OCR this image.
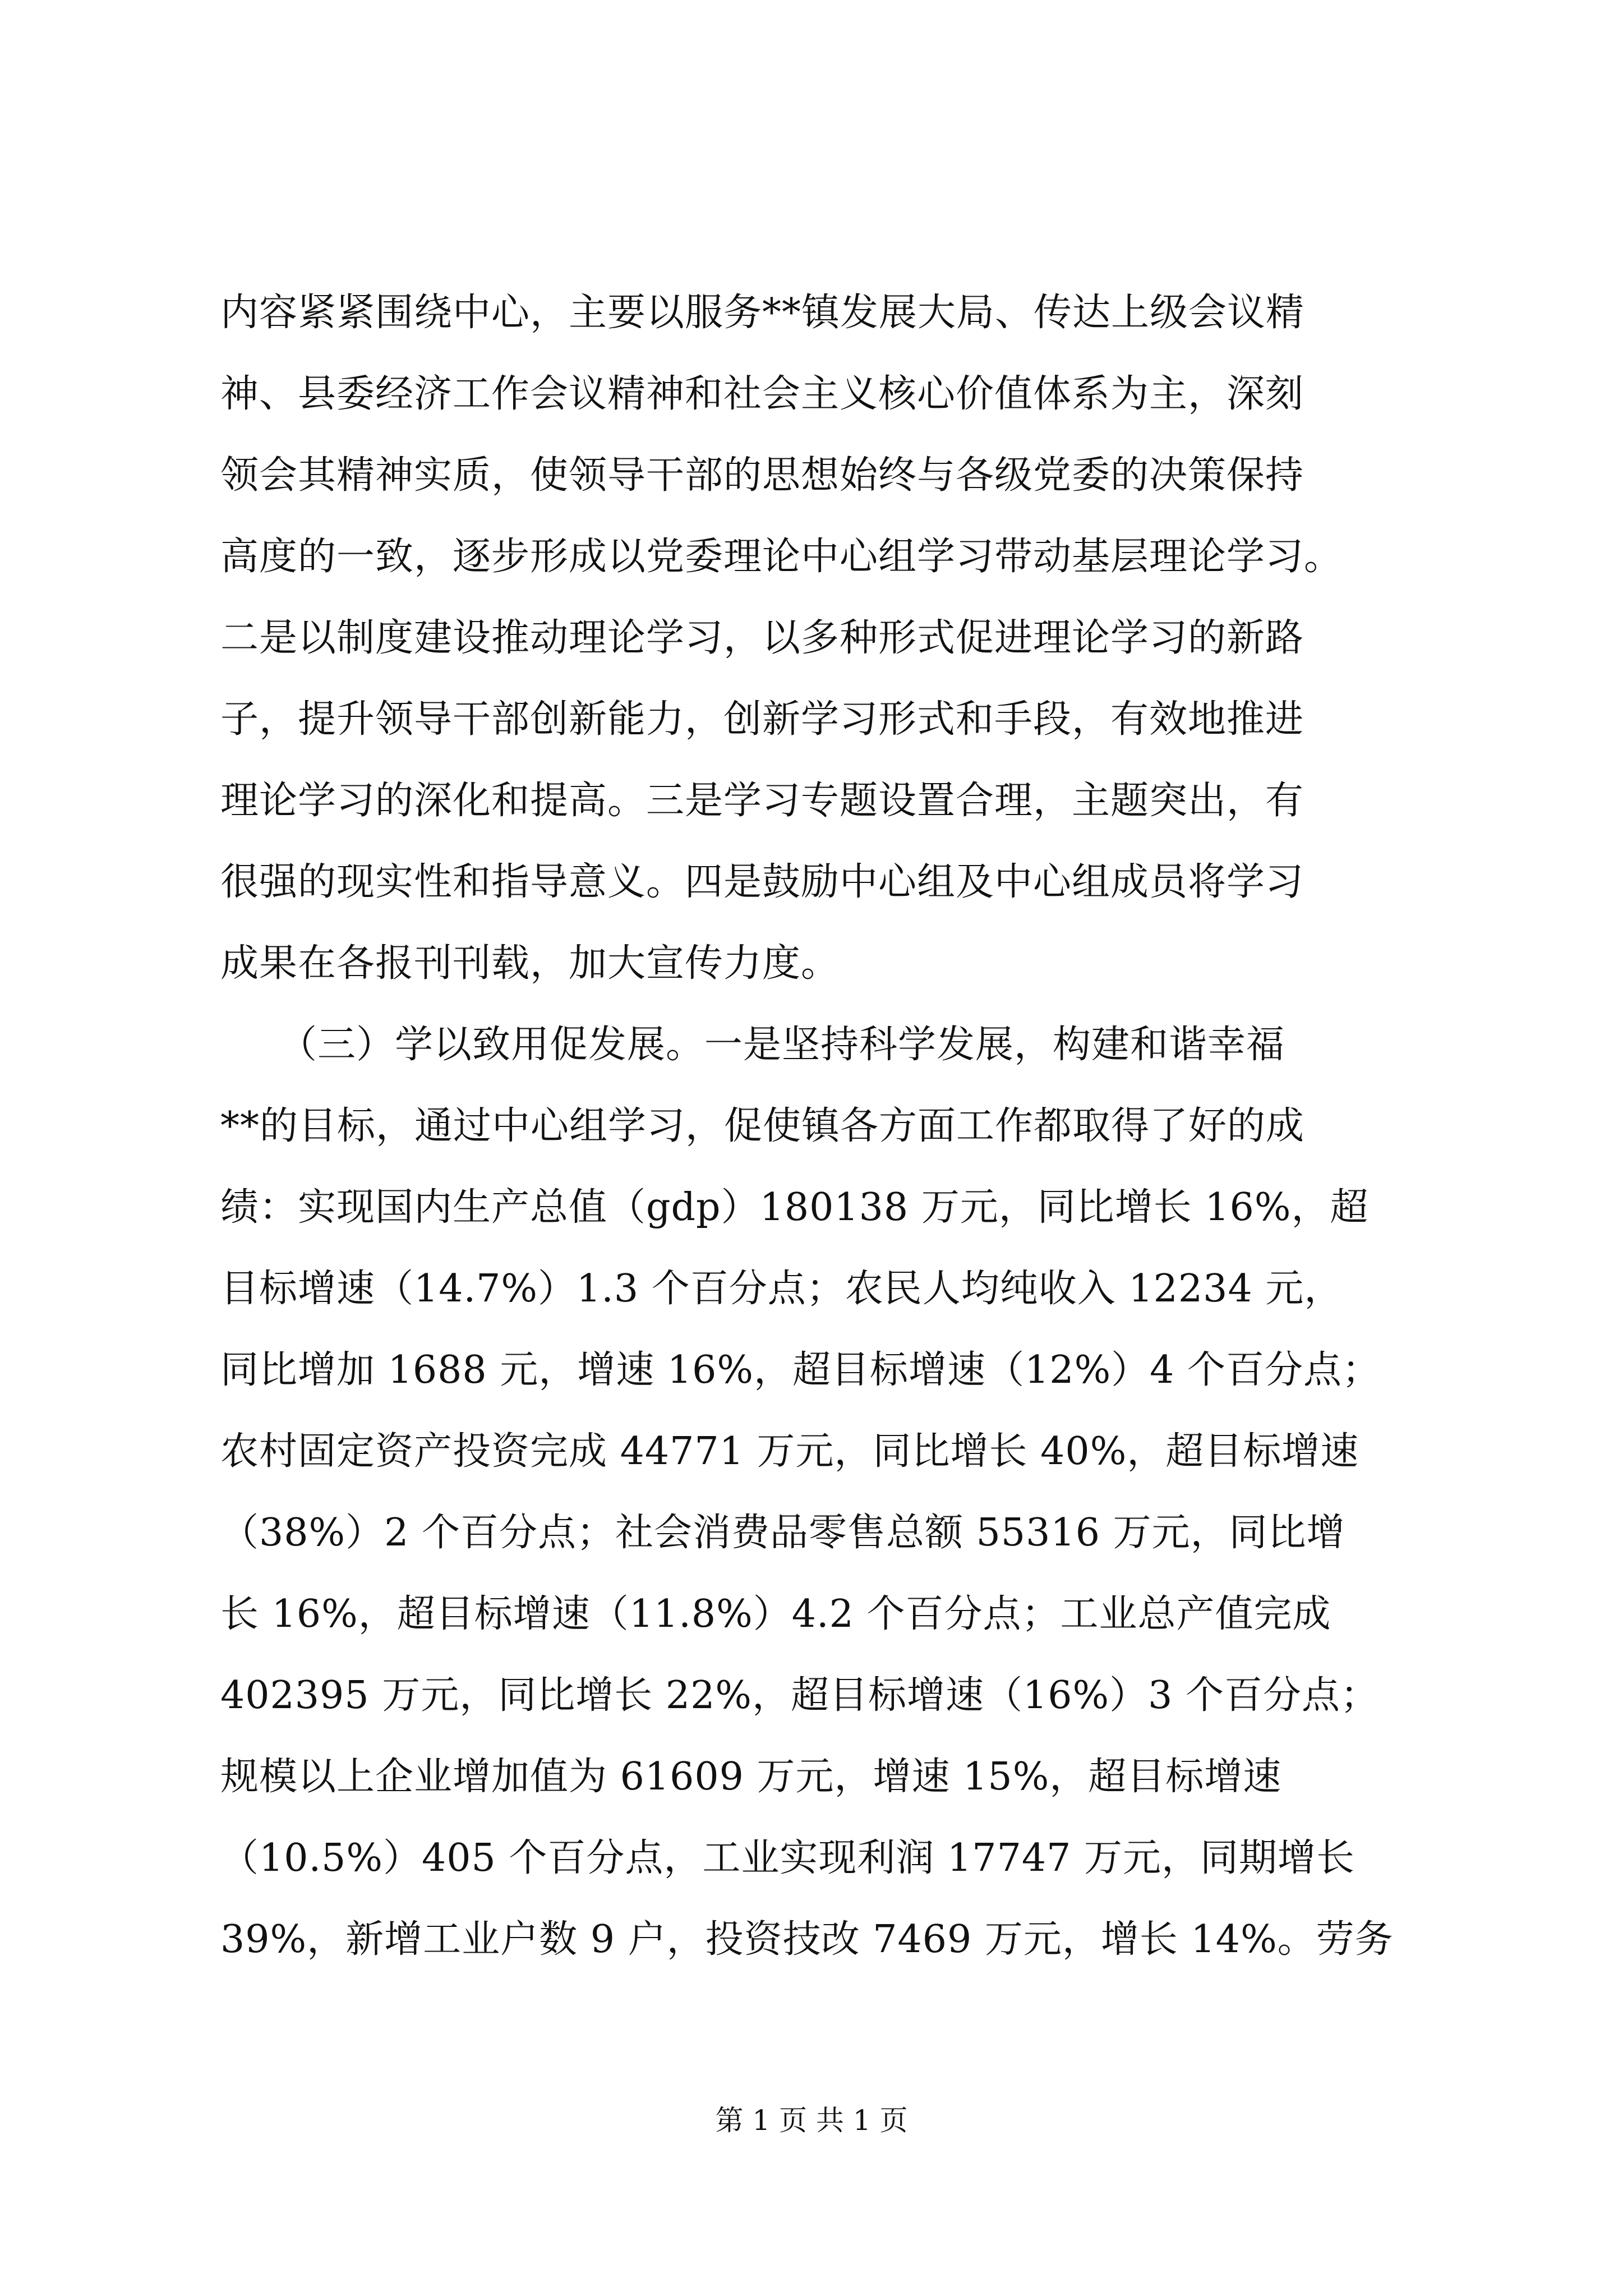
内容紧紧围绕中心，主要以服务**镇发展大局、传达上级会议精
神、县委经济工作会议精神和社会主义核心价值体系为主，深刻
领会其精神实质，使领导干部的思想始终与各级党委的决策保持
高度的一致，逐步形成以党委理论中心组学习带动基层理论学习。
二是以制度建设推动理论学习，以多种形式促进理论学习的新路
子，提升领导干部创新能力，创新学习形式和手段，有效地推进
理论学习的深化和提高。三是学习专题设置合理，主题突出，有
很强的现实性和指导意义。四是鼓励中心组及中心组成员将学习
成果在各报刊刊载，加大宣传力度。
　　（三）学以致用促发展。一是坚持科学发展，构建和谐幸福
**的目标，通过中心组学习，促使镇各方面工作都取得了好的成
绩：实现国内生产总值（gdp）180138 万元，同比增长 16%，超
目标增速（14.7%）1.3 个百分点；农民人均纯收入 12234 元，
同比增加 1688 元，增速 16%，超目标增速（12%）4 个百分点；
农村固定资产投资完成 44771 万元，同比增长 40%，超目标增速
（38%）2 个百分点；社会消费品零售总额 55316 万元，同比增
长 16%，超目标增速（11.8%）4.2 个百分点；工业总产值完成
402395 万元，同比增长 22%，超目标增速（16%）3 个百分点；
规模以上企业增加值为 61609 万元，增速 15%，超目标增速
（10.5%）405 个百分点，工业实现利润 17747 万元，同期增长
39%，新增工业户数 9 户，投资技改 7469 万元，增长 14%。劳务
第 1 页 共 1 页
